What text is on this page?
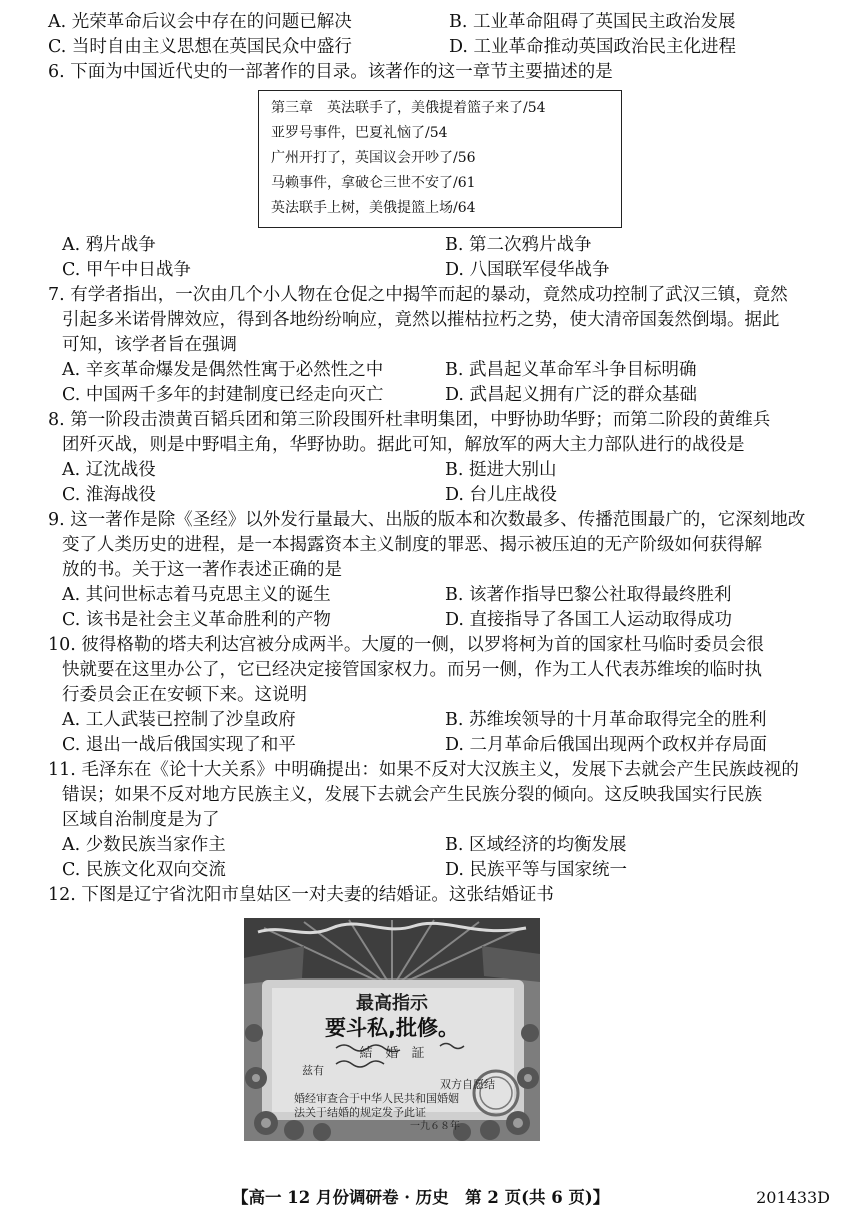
A. 光荣革命后议会中存在的问题已解决	B. 工业革命阻碍了英国民主政治发展
C. 当时自由主义思想在英国民众中盛行	D. 工业革命推动英国政治民主化进程
6. 下面为中国近代史的一部著作的目录。该著作的这一章节主要描述的是
第三章　英法联手了，美俄提着篮子来了/54
亚罗号事件，巴夏礼恼了/54
广州开打了，英国议会开吵了/56
马赖事件，拿破仑三世不安了/61
英法联手上树，美俄提篮上场/64
A. 鸦片战争	B. 第二次鸦片战争
C. 甲午中日战争	D. 八国联军侵华战争
7. 有学者指出，一次由几个小人物在仓促之中揭竿而起的暴动，竟然成功控制了武汉三镇，竟然
引起多米诺骨牌效应，得到各地纷纷响应，竟然以摧枯拉朽之势，使大清帝国轰然倒塌。据此
可知，该学者旨在强调
A. 辛亥革命爆发是偶然性寓于必然性之中	B. 武昌起义革命军斗争目标明确
C. 中国两千多年的封建制度已经走向灭亡	D. 武昌起义拥有广泛的群众基础
8. 第一阶段击溃黄百韬兵团和第三阶段围歼杜聿明集团，中野协助华野；而第二阶段的黄维兵
团歼灭战，则是中野唱主角，华野协助。据此可知，解放军的两大主力部队进行的战役是
A. 辽沈战役	B. 挺进大别山
C. 淮海战役	D. 台儿庄战役
9. 这一著作是除《圣经》以外发行量最大、出版的版本和次数最多、传播范围最广的，它深刻地改
变了人类历史的进程，是一本揭露资本主义制度的罪恶、揭示被压迫的无产阶级如何获得解
放的书。关于这一著作表述正确的是
A. 其问世标志着马克思主义的诞生	B. 该著作指导巴黎公社取得最终胜利
C. 该书是社会主义革命胜利的产物	D. 直接指导了各国工人运动取得成功
10. 彼得格勒的塔夫利达宫被分成两半。大厦的一侧，以罗将柯为首的国家杜马临时委员会很
快就要在这里办公了，它已经决定接管国家权力。而另一侧，作为工人代表苏维埃的临时执
行委员会正在安顿下来。这说明
A. 工人武装已控制了沙皇政府	B. 苏维埃领导的十月革命取得完全的胜利
C. 退出一战后俄国实现了和平	D. 二月革命后俄国出现两个政权并存局面
11. 毛泽东在《论十大关系》中明确提出：如果不反对大汉族主义，发展下去就会产生民族歧视的
错误；如果不反对地方民族主义，发展下去就会产生民族分裂的倾向。这反映我国实行民族
区域自治制度是为了
A. 少数民族当家作主	B. 区域经济的均衡发展
C. 民族文化双向交流	D. 民族平等与国家统一
12. 下图是辽宁省沈阳市皇姑区一对夫妻的结婚证。这张结婚证书
最高指示
要斗私,批修。
結　婚　証
兹有
双方自愿结
婚经审查合于中华人民共和国婚姻
法关于结婚的规定发予此证
一九６８年
【高一 12 月份调研卷 · 历史　第 2 页(共 6 页)】	201433D
